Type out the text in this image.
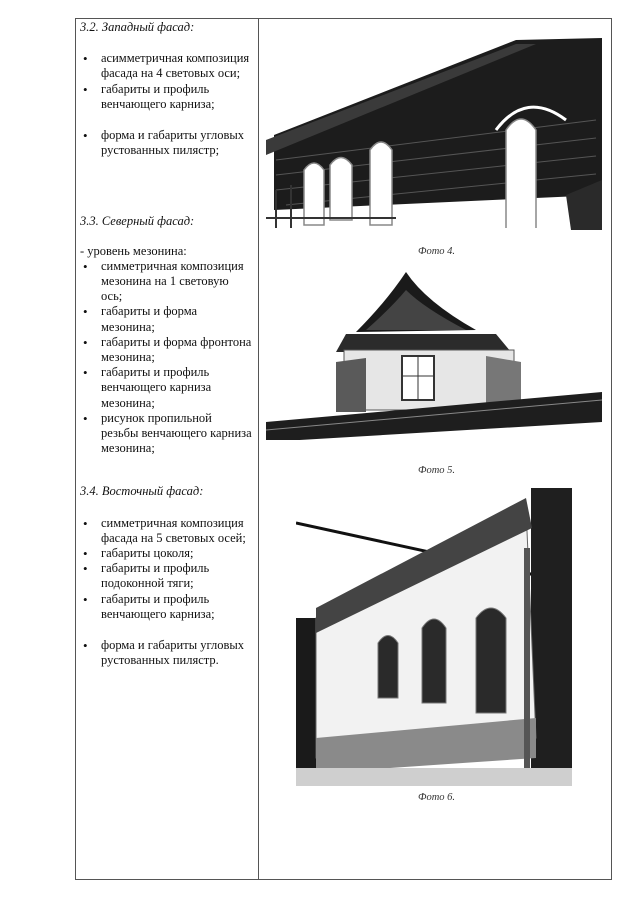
3.2. Западный фасад:

• асимметричная композиция фасада на 4 световых оси;
• габариты и профиль венчающего карниза;
• форма и габариты угловых рустованных пилястр;

3.3. Северный фасад:

- уровень мезонина:

• симметричная композиция мезонина на 1 световую ось;
• габариты и форма мезонина;
• габариты и форма фронтона мезонина;
• габариты и профиль венчающего карниза мезонина;
• рисунок пропильной резьбы венчающего карниза мезонина;

3.4. Восточный фасад:

• симметричная композиция фасада на 5 световых осей;
• габариты цоколя;
• габариты и профиль подоконной тяги;
• габариты и профиль венчающего карниза;
• форма и габариты угловых рустованных пилястр.
Фото 4.
Фото 5.
Фото 6.
